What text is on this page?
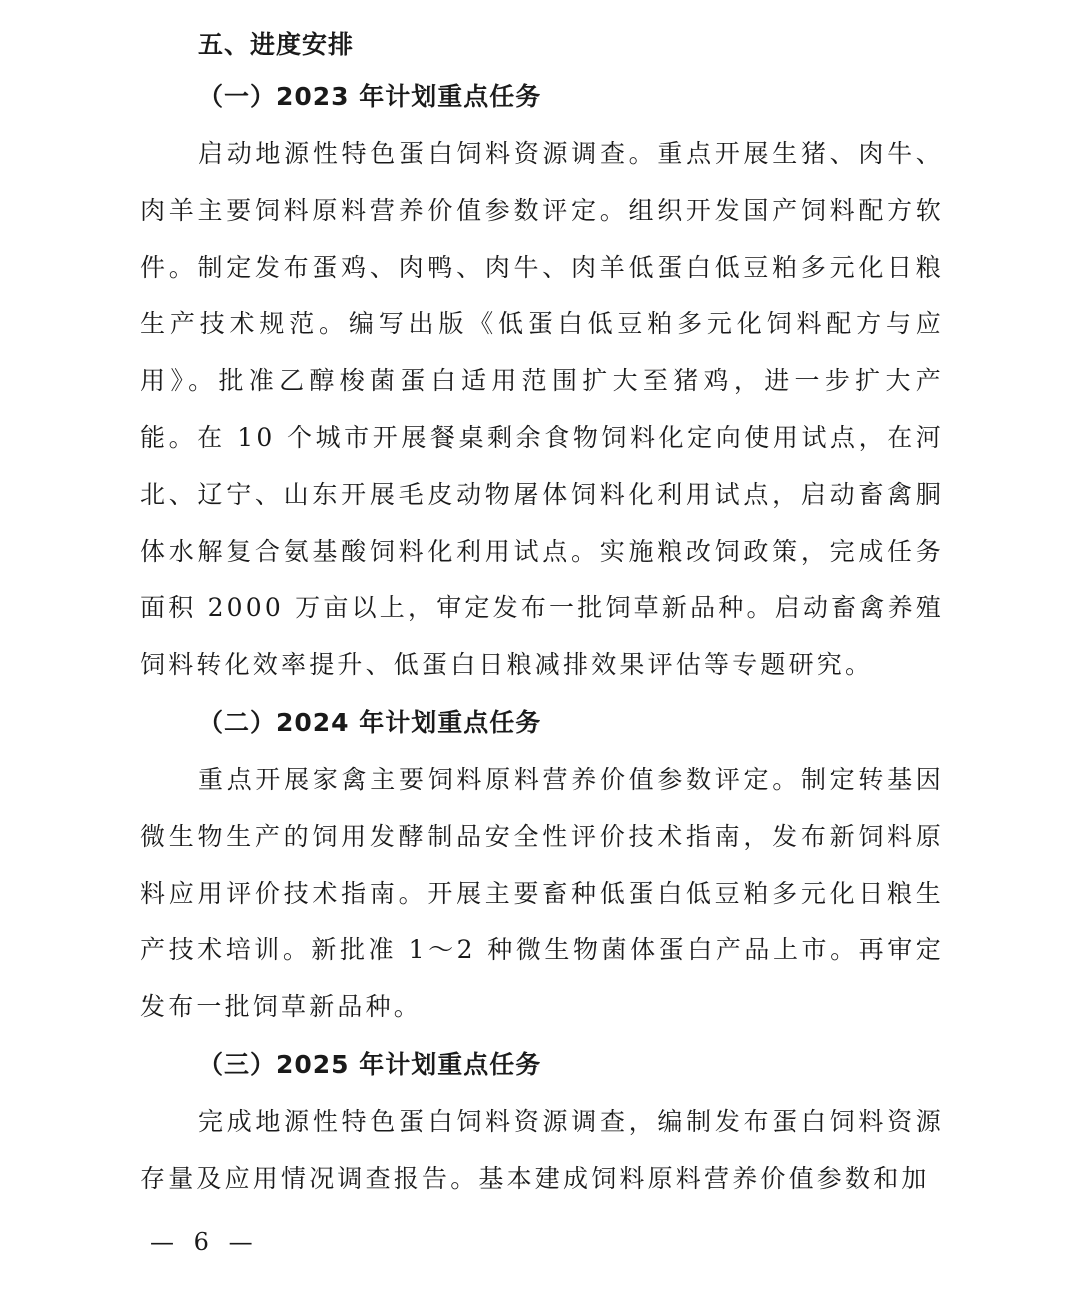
五、进度安排
（一）2023 年计划重点任务

启动地源性特色蛋白饲料资源调查。重点开展生猪、肉牛、肉羊主要饲料原料营养价值参数评定。组织开发国产饲料配方软件。制定发布蛋鸡、肉鸭、肉牛、肉羊低蛋白低豆粕多元化日粮生产技术规范。编写出版《低蛋白低豆粕多元化饲料配方与应用》。批准乙醇梭菌蛋白适用范围扩大至猪鸡，进一步扩大产能。在 10 个城市开展餐桌剩余食物饲料化定向使用试点，在河北、辽宁、山东开展毛皮动物屠体饲料化利用试点，启动畜禽胴体水解复合氨基酸饲料化利用试点。实施粮改饲政策，完成任务面积 2000 万亩以上，审定发布一批饲草新品种。启动畜禽养殖饲料转化效率提升、低蛋白日粮减排效果评估等专题研究。

（二）2024 年计划重点任务

重点开展家禽主要饲料原料营养价值参数评定。制定转基因微生物生产的饲用发酵制品安全性评价技术指南，发布新饲料原料应用评价技术指南。开展主要畜种低蛋白低豆粕多元化日粮生产技术培训。新批准 1～2 种微生物菌体蛋白产品上市。再审定发布一批饲草新品种。

（三）2025 年计划重点任务

完成地源性特色蛋白饲料资源调查，编制发布蛋白饲料资源存量及应用情况调查报告。基本建成饲料原料营养价值参数和加

— 6 —
